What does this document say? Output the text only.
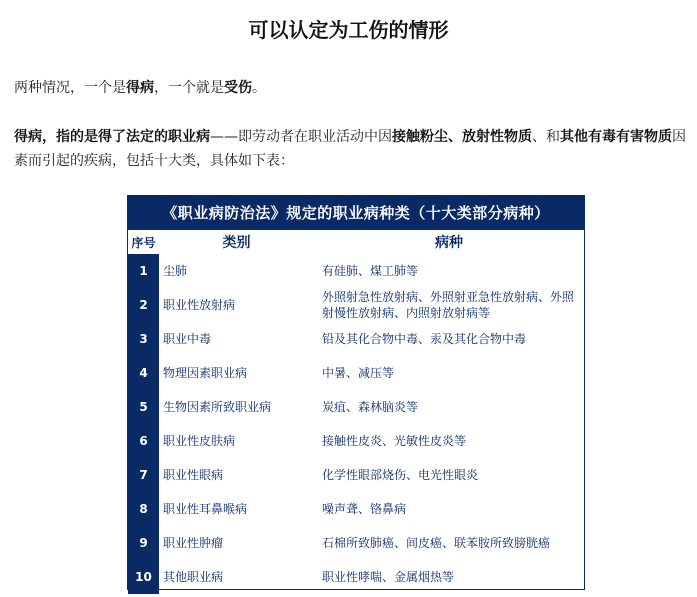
可以认定为工伤的情形

两种情况，一个是得病，一个就是受伤。

得病，指的是得了法定的职业病——即劳动者在职业活动中因接触粉尘、放射性物质、和其他有毒有害物质因素而引起的疾病，包括十大类，具体如下表：

《职业病防治法》规定的职业病种类（十大类部分病种）
序号	类别	病种
1	尘肺	有硅肺、煤工肺等
2	职业性放射病	外照射急性放射病、外照射亚急性放射病、外照射慢性放射病、内照射放射病等
3	职业中毒	铅及其化合物中毒、汞及其化合物中毒
4	物理因素职业病	中暑、减压等
5	生物因素所致职业病	炭疽、森林脑炎等
6	职业性皮肤病	接触性皮炎、光敏性皮炎等
7	职业性眼病	化学性眼部烧伤、电光性眼炎
8	职业性耳鼻喉病	噪声聋、铬鼻病
9	职业性肿瘤	石棉所致肺癌、间皮癌、联苯胺所致膀胱癌
10	其他职业病	职业性哮喘、金属烟热等
